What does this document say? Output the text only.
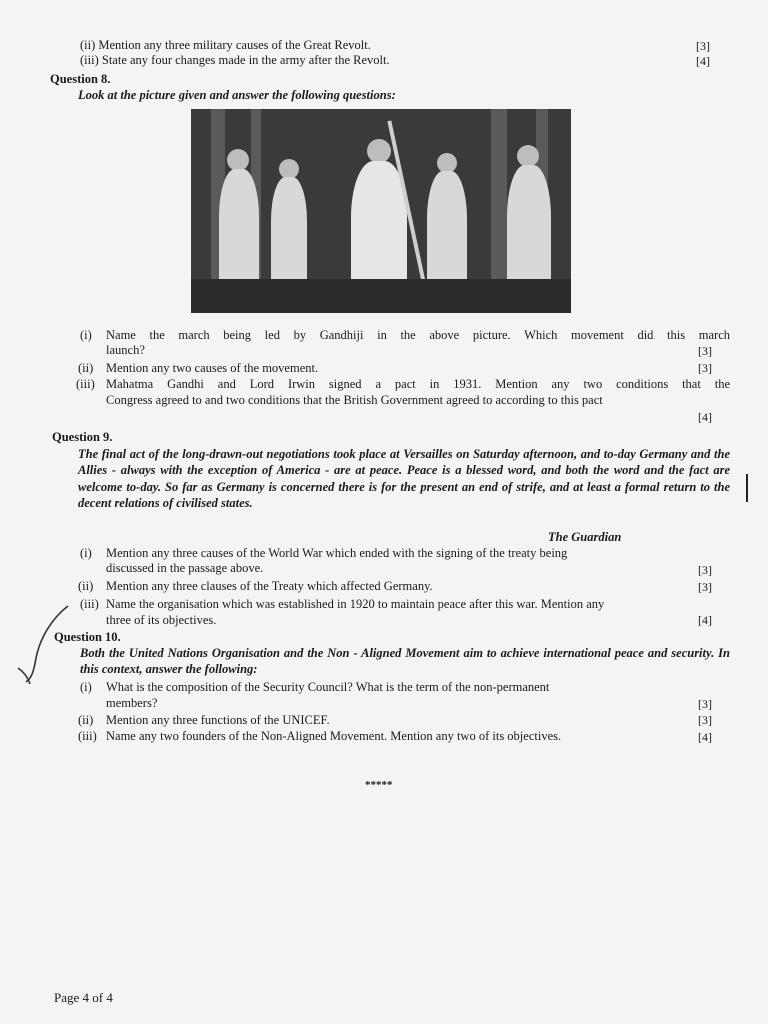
(ii) Mention any three military causes of the Great Revolt.	[3]
(iii) State any four changes made in the army after the Revolt.	[4]
Question 8.
Look at the picture given and answer the following questions:
(i) Name the march being led by Gandhiji in the above picture. Which movement did this march
launch?	[3]
(ii) Mention any two causes of the movement.	[3]
(iii) Mahatma Gandhi and Lord Irwin signed a pact in 1931. Mention any two conditions that the
Congress agreed to and two conditions that the British Government agreed to according to this pact
[4]
Question 9.
The final act of the long-drawn-out negotiations took place at Versailles on Saturday afternoon, and to-day Germany and the Allies - always with the exception of America - are at peace. Peace is a blessed word, and both the word and the fact are welcome to-day. So far as Germany is concerned there is for the present an end of strife, and at least a formal return to the decent relations of civilised states.
The Guardian
(i) Mention any three causes of the World War which ended with the signing of the treaty being
discussed in the passage above.	[3]
(ii) Mention any three clauses of the Treaty which affected Germany.	[3]
(iii) Name the organisation which was established in 1920 to maintain peace after this war. Mention any
three of its objectives.	[4]
Question 10.
Both the United Nations Organisation and the Non - Aligned Movement aim to achieve international peace and security. In this context, answer the following:
(i) What is the composition of the Security Council? What is the term of the non-permanent
members?	[3]
(ii) Mention any three functions of the UNICEF.	[3]
(iii) Name any two founders of the Non-Aligned Movement. Mention any two of its objectives.	[4]
*****
Page 4 of 4
